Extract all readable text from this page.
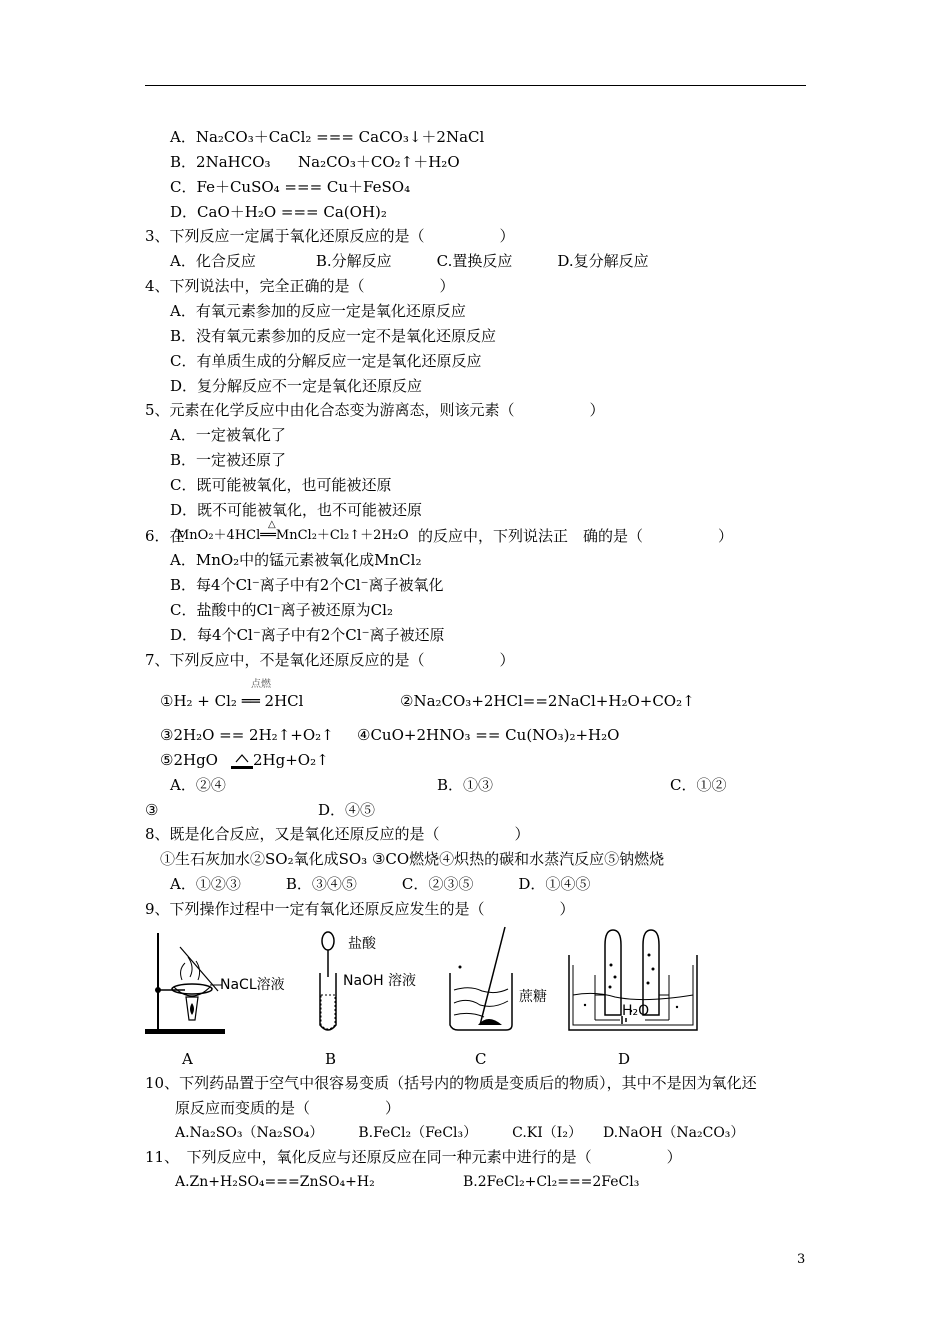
A．Na₂CO₃＋CaCl₂ === CaCO₃↓＋2NaCl
B．2NaHCO₃ Na₂CO₃＋CO₂↑＋H₂O
C．Fe＋CuSO₄ === Cu＋FeSO₄
D．CaO＋H₂O === Ca(OH)₂
3、下列反应一定属于氧化还原反应的是（　　　　　）
A．化合反应　　　　B.分解反应　　　C.置换反应　　　D.复分解反应
4、下列说法中，完全正确的是（　　　　　）
A．有氧元素参加的反应一定是氧化还原反应
B．没有氧元素参加的反应一定不是氧化还原反应
C．有单质生成的分解反应一定是氧化还原反应
D．复分解反应不一定是氧化还原反应
5、元素在化学反应中由化合态变为游离态，则该元素（　　　　　）
A．一定被氧化了
B．一定被还原了
C．既可能被氧化，也可能被还原
D．既不可能被氧化，也不可能被还原
6．在
△
MnO₂＋4HCl══MnCl₂＋Cl₂↑＋2H₂O 的反应中，下列说法正　确的是（　　　　　）
A．MnO₂中的锰元素被氧化成MnCl₂
B．每4个Cl⁻离子中有2个Cl⁻离子被氧化
C．盐酸中的Cl⁻离子被还原为Cl₂
D．每4个Cl⁻离子中有2个Cl⁻离子被还原
7、下列反应中，不是氧化还原反应的是（　　　　　）
点燃
①H₂ + Cl₂ ══ 2HCl	②Na₂CO₃+2HCl==2NaCl+H₂O+CO₂↑
③2H₂O == 2H₂↑+O₂↑ ④CuO+2HNO₃ == Cu(NO₃)₂+H₂O
⑤2HgO 2Hg+O₂↑
A．②④	B．①③	C．①②
③	D．④⑤
8、既是化合反应，又是氧化还原反应的是（　　　　　）
①生石灰加水②SO₂氧化成SO₃ ③CO燃烧④炽热的碳和水蒸汽反应⑤钠燃烧
A．①②③　　　B．③④⑤　　　C．②③⑤　　　D．①④⑤
9、下列操作过程中一定有氧化还原反应发生的是（　　　　　）
NaCL溶液
盐酸
NaOH 溶液
蔗糖
H₂O
A	B	C	D
10、下列药品置于空气中很容易变质（括号内的物质是变质后的物质），其中不是因为氧化还
原反应而变质的是（　　　　　）
A.Na₂SO₃（Na₂SO₄）　　　B.FeCl₂（FeCl₃）　　　C.KI（I₂）　　D.NaOH（Na₂CO₃）
11、　下列反应中，氧化反应与还原反应在同一种元素中进行的是（　　　　　）
A.Zn+H₂SO₄===ZnSO₄+H₂	B.2FeCl₂+Cl₂===2FeCl₃
3
